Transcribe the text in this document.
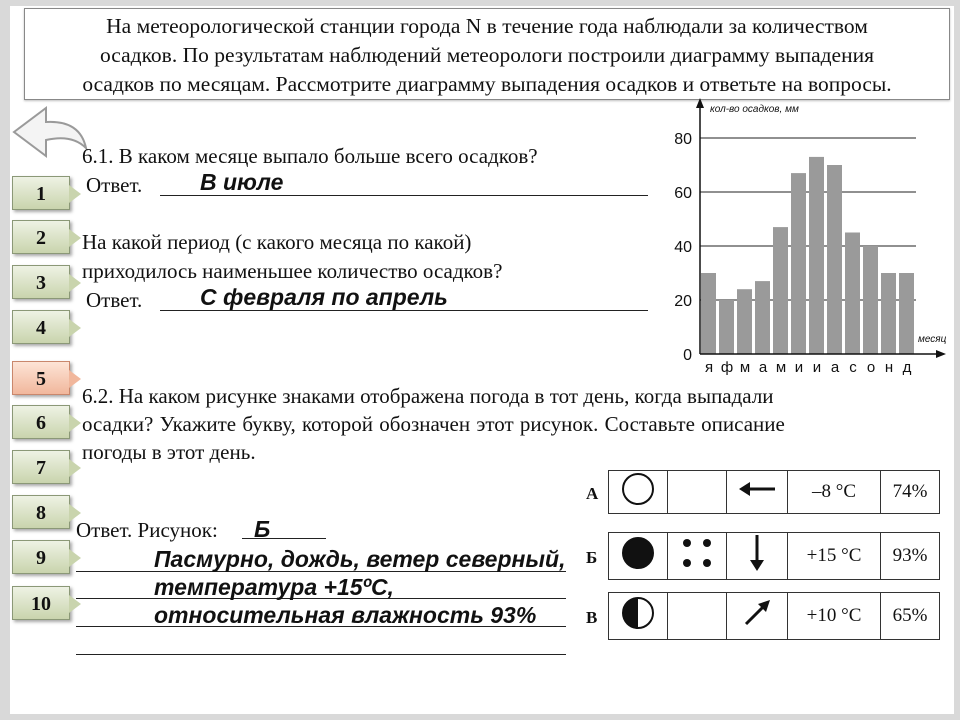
На метеорологической станции города N в течение года наблюдали за количеством
осадков. По результатам наблюдений метеорологи построили диаграмму выпадения
осадков по месяцам. Рассмотрите диаграмму выпадения осадков и ответьте на вопросы.
1
2
3
4
5
6
7
8
9
10
6.1. В каком месяце выпало больше всего осадков?
Ответ.	В июле
На какой период (с какого месяца по какой)
приходилось наименьшее количество осадков?
Ответ.	С февраля по апрель
6.2. На каком рисунке знаками отображена погода в тот день, когда выпадали
осадки? Укажите букву, которой обозначен этот рисунок. Составьте описание
погоды в этот день.
Ответ. Рисунок: Б
Пасмурно, дождь, ветер северный,
температура +15ºС,
относительная влажность 93%
А
				–8 °С	74%
Б
				+15 °С	93%
В
				+10 °С	65%
0
20
40
60
80
я ф м а м и и а с о н д
кол-во осадков, мм
месяц
